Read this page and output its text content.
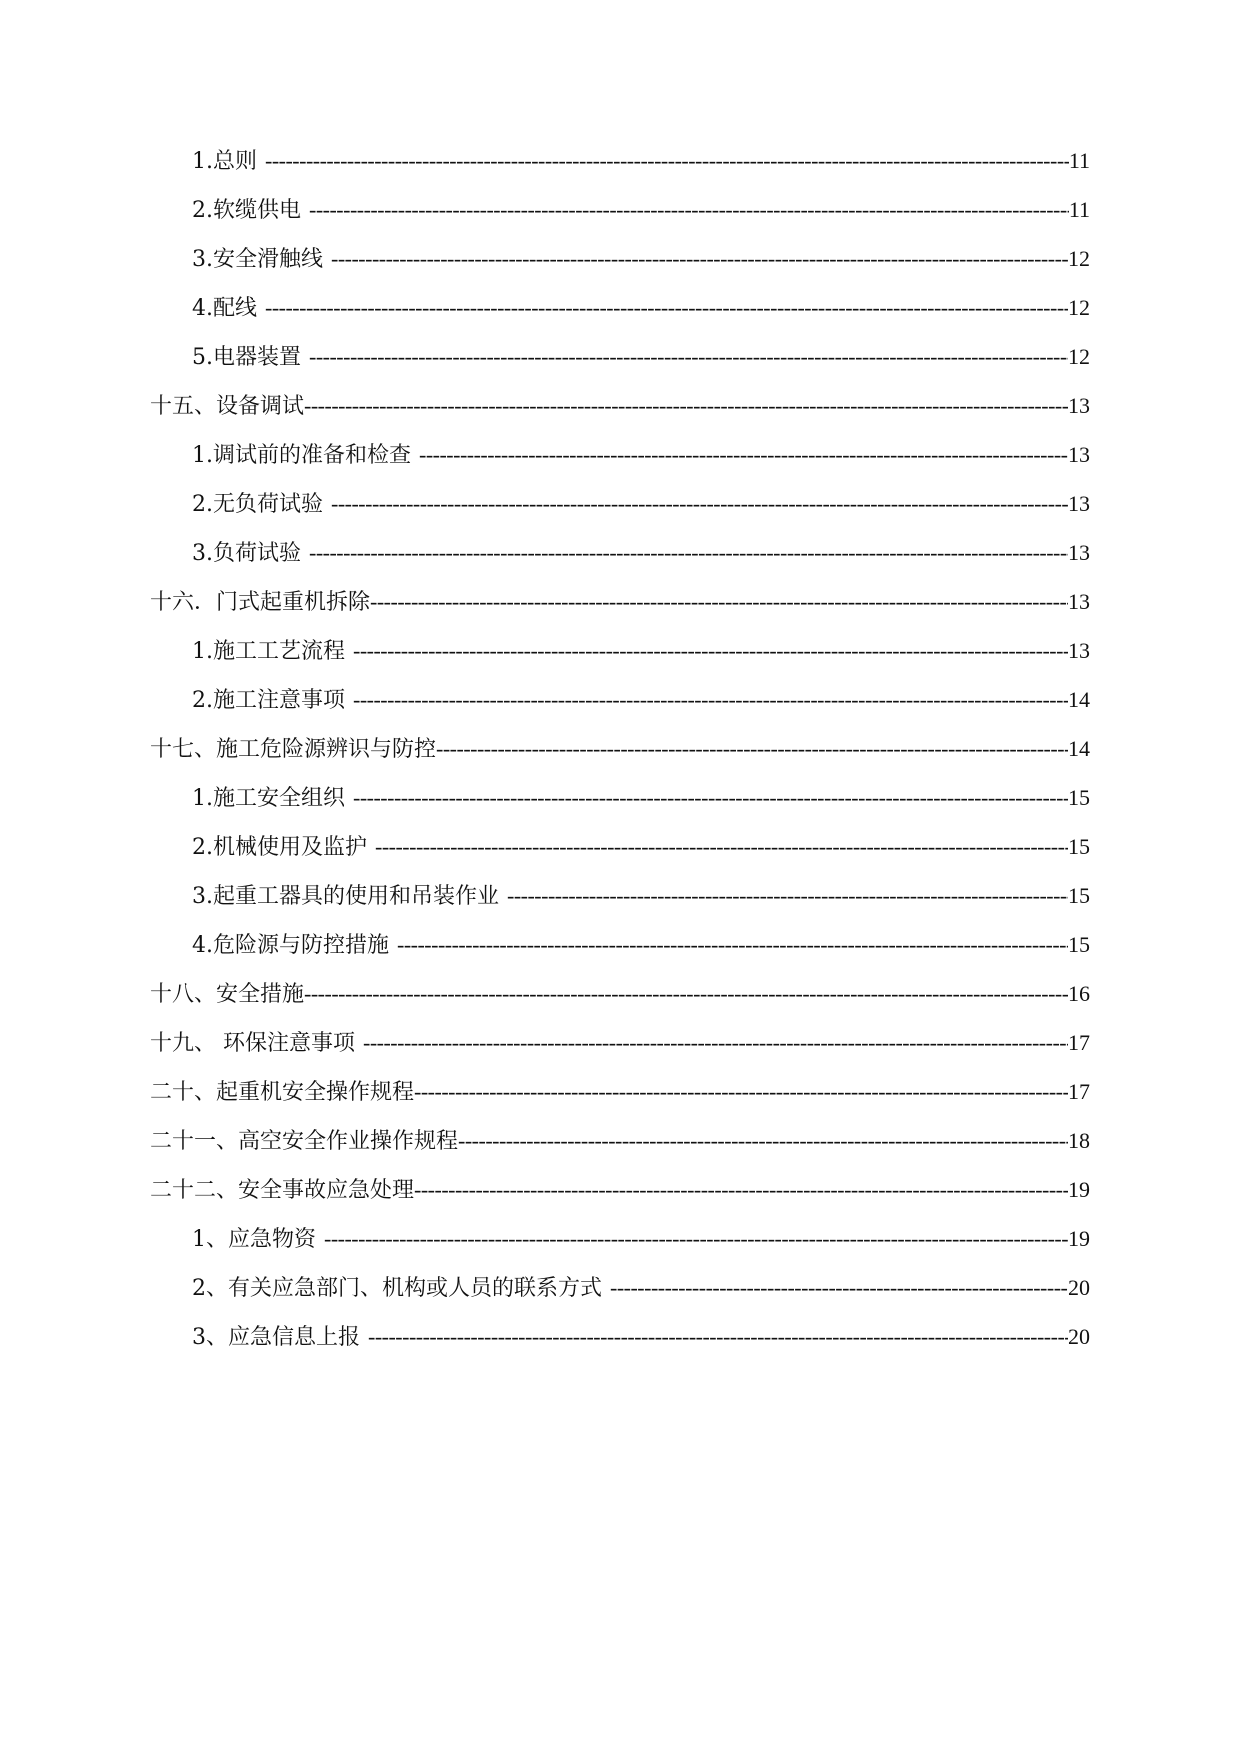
1.总则 -----	11
2.软缆供电 -----	11
3.安全滑触线 -----	12
4.配线 -----	12
5.电器装置 -----	12
十五、设备调试 -----	13
1.调试前的准备和检查 -----	13
2.无负荷试验 -----	13
3.负荷试验 -----	13
十六．门式起重机拆除 -----	13
1.施工工艺流程 -----	13
2.施工注意事项 -----	14
十七、施工危险源辨识与防控 -----	14
1.施工安全组织 -----	15
2.机械使用及监护 -----	15
3.起重工器具的使用和吊装作业 -----	15
4.危险源与防控措施 -----	15
十八、安全措施 -----	16
十九、 环保注意事项 -----	17
二十、起重机安全操作规程 -----	17
二十一、高空安全作业操作规程 -----	18
二十二、安全事故应急处理 -----	19
1、应急物资 -----	19
2、有关应急部门、机构或人员的联系方式 -----	20
3、应急信息上报 -----	20
